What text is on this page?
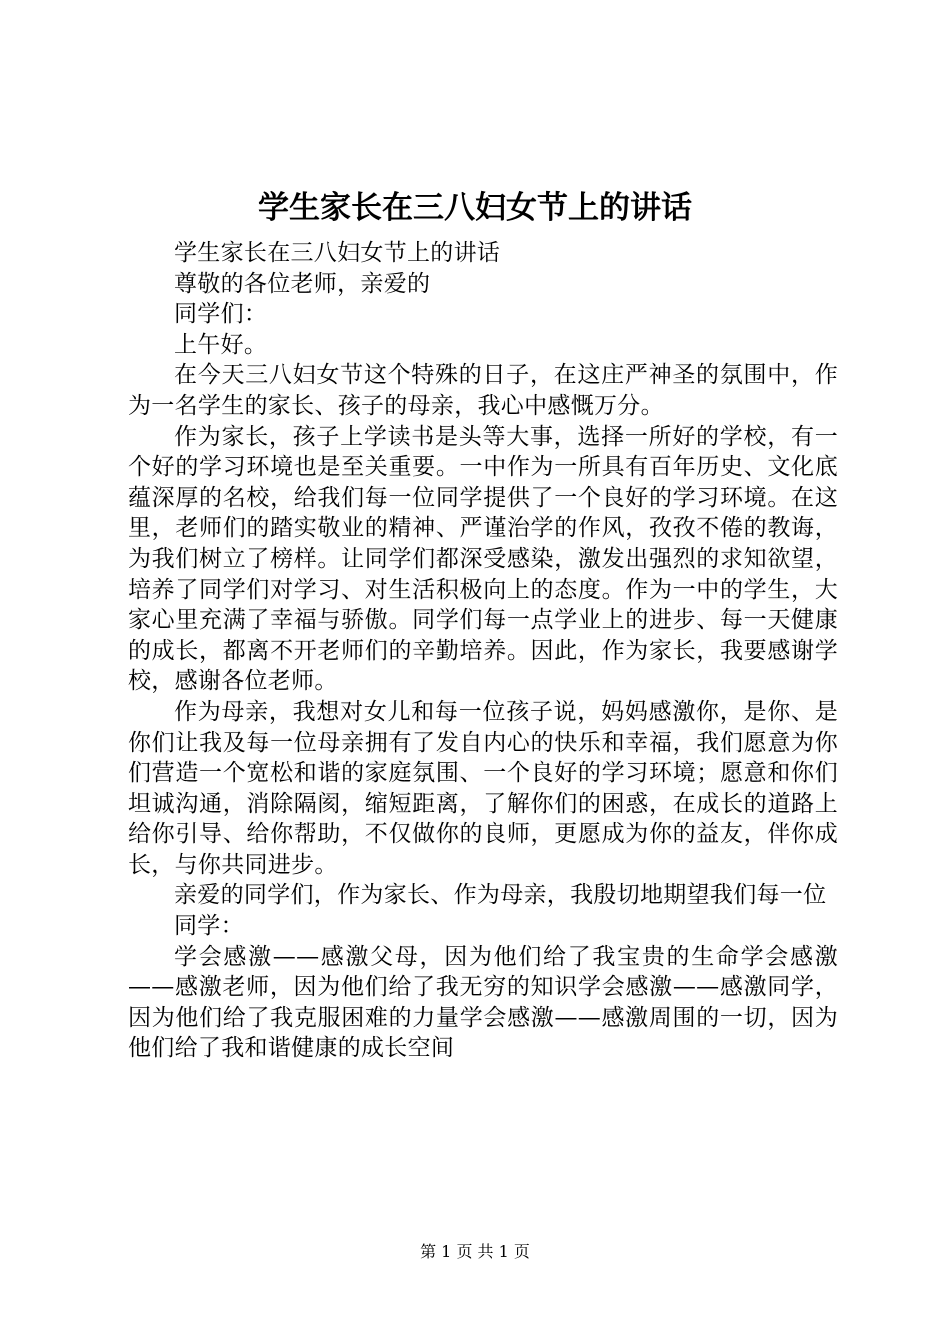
学生家长在三八妇女节上的讲话

学生家长在三八妇女节上的讲话

尊敬的各位老师，亲爱的

同学们：

上午好。

在今天三八妇女节这个特殊的日子，在这庄严神圣的氛围中，作为一名学生的家长、孩子的母亲，我心中感慨万分。

作为家长，孩子上学读书是头等大事，选择一所好的学校，有一个好的学习环境也是至关重要。一中作为一所具有百年历史、文化底蕴深厚的名校，给我们每一位同学提供了一个良好的学习环境。在这里，老师们的踏实敬业的精神、严谨治学的作风，孜孜不倦的教诲，为我们树立了榜样。让同学们都深受感染，激发出强烈的求知欲望，培养了同学们对学习、对生活积极向上的态度。作为一中的学生，大家心里充满了幸福与骄傲。同学们每一点学业上的进步、每一天健康的成长，都离不开老师们的辛勤培养。因此，作为家长，我要感谢学校，感谢各位老师。

作为母亲，我想对女儿和每一位孩子说，妈妈感激你，是你、是你们让我及每一位母亲拥有了发自内心的快乐和幸福，我们愿意为你们营造一个宽松和谐的家庭氛围、一个良好的学习环境；愿意和你们坦诚沟通，消除隔阂，缩短距离，了解你们的困惑，在成长的道路上给你引导、给你帮助，不仅做你的良师，更愿成为你的益友，伴你成长，与你共同进步。

亲爱的同学们，作为家长、作为母亲，我殷切地期望我们每一位

同学：

学会感激——感激父母，因为他们给了我宝贵的生命学会感激——感激老师，因为他们给了我无穷的知识学会感激——感激同学，因为他们给了我克服困难的力量学会感激——感激周围的一切，因为他们给了我和谐健康的成长空间

第 1 页 共 1 页
